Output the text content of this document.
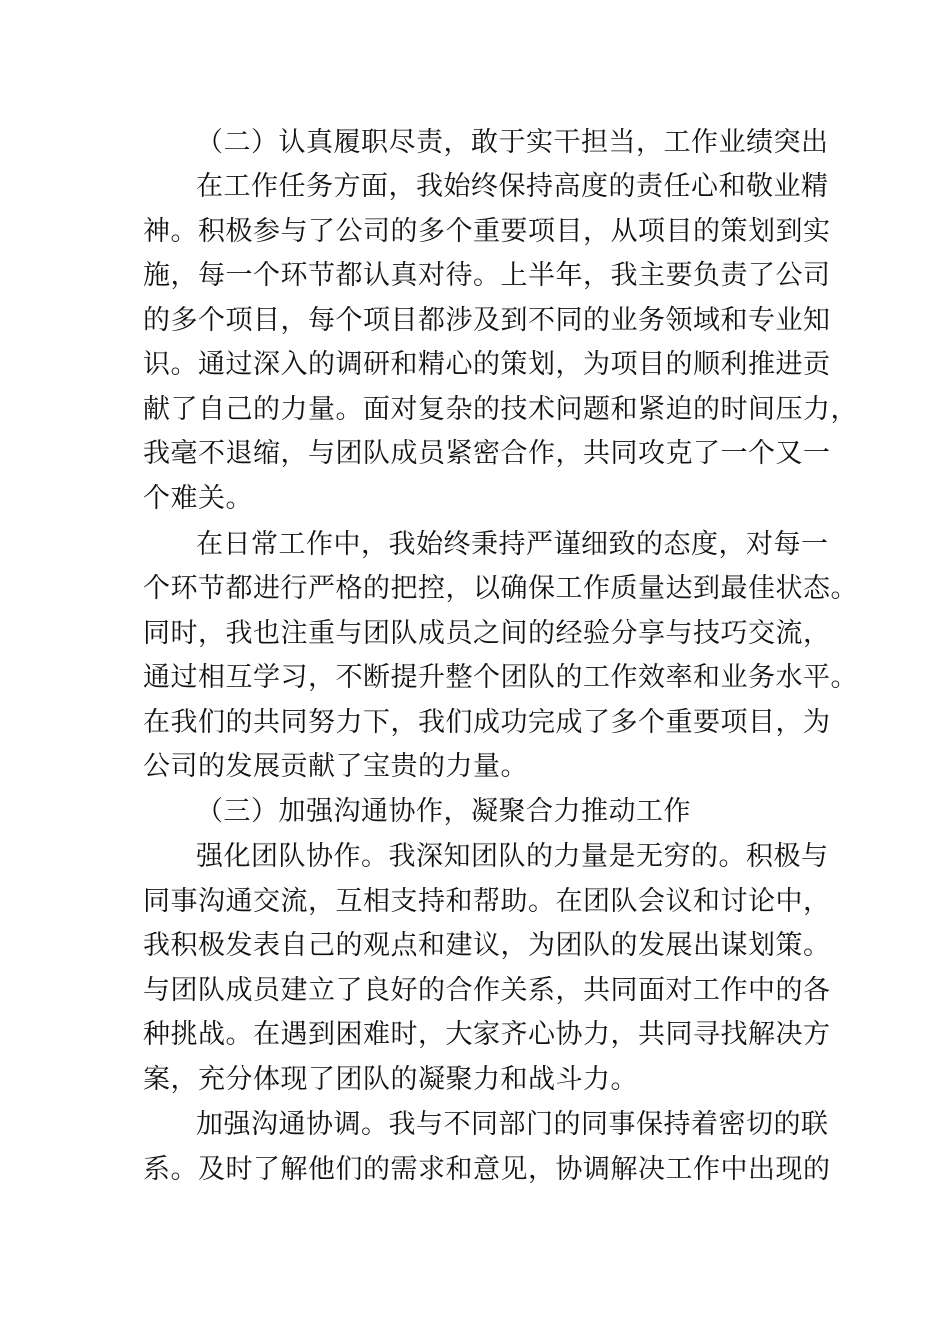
（二）认真履职尽责，敢于实干担当，工作业绩突出
在工作任务方面，我始终保持高度的责任心和敬业精
神。积极参与了公司的多个重要项目，从项目的策划到实
施，每一个环节都认真对待。上半年，我主要负责了公司
的多个项目，每个项目都涉及到不同的业务领域和专业知
识。通过深入的调研和精心的策划，为项目的顺利推进贡
献了自己的力量。面对复杂的技术问题和紧迫的时间压力，
我毫不退缩，与团队成员紧密合作，共同攻克了一个又一
个难关。
在日常工作中，我始终秉持严谨细致的态度，对每一
个环节都进行严格的把控，以确保工作质量达到最佳状态。
同时，我也注重与团队成员之间的经验分享与技巧交流，
通过相互学习，不断提升整个团队的工作效率和业务水平。
在我们的共同努力下，我们成功完成了多个重要项目，为
公司的发展贡献了宝贵的力量。
（三）加强沟通协作，凝聚合力推动工作
强化团队协作。我深知团队的力量是无穷的。积极与
同事沟通交流，互相支持和帮助。在团队会议和讨论中，
我积极发表自己的观点和建议，为团队的发展出谋划策。
与团队成员建立了良好的合作关系，共同面对工作中的各
种挑战。在遇到困难时，大家齐心协力，共同寻找解决方
案，充分体现了团队的凝聚力和战斗力。
加强沟通协调。我与不同部门的同事保持着密切的联
系。及时了解他们的需求和意见，协调解决工作中出现的
